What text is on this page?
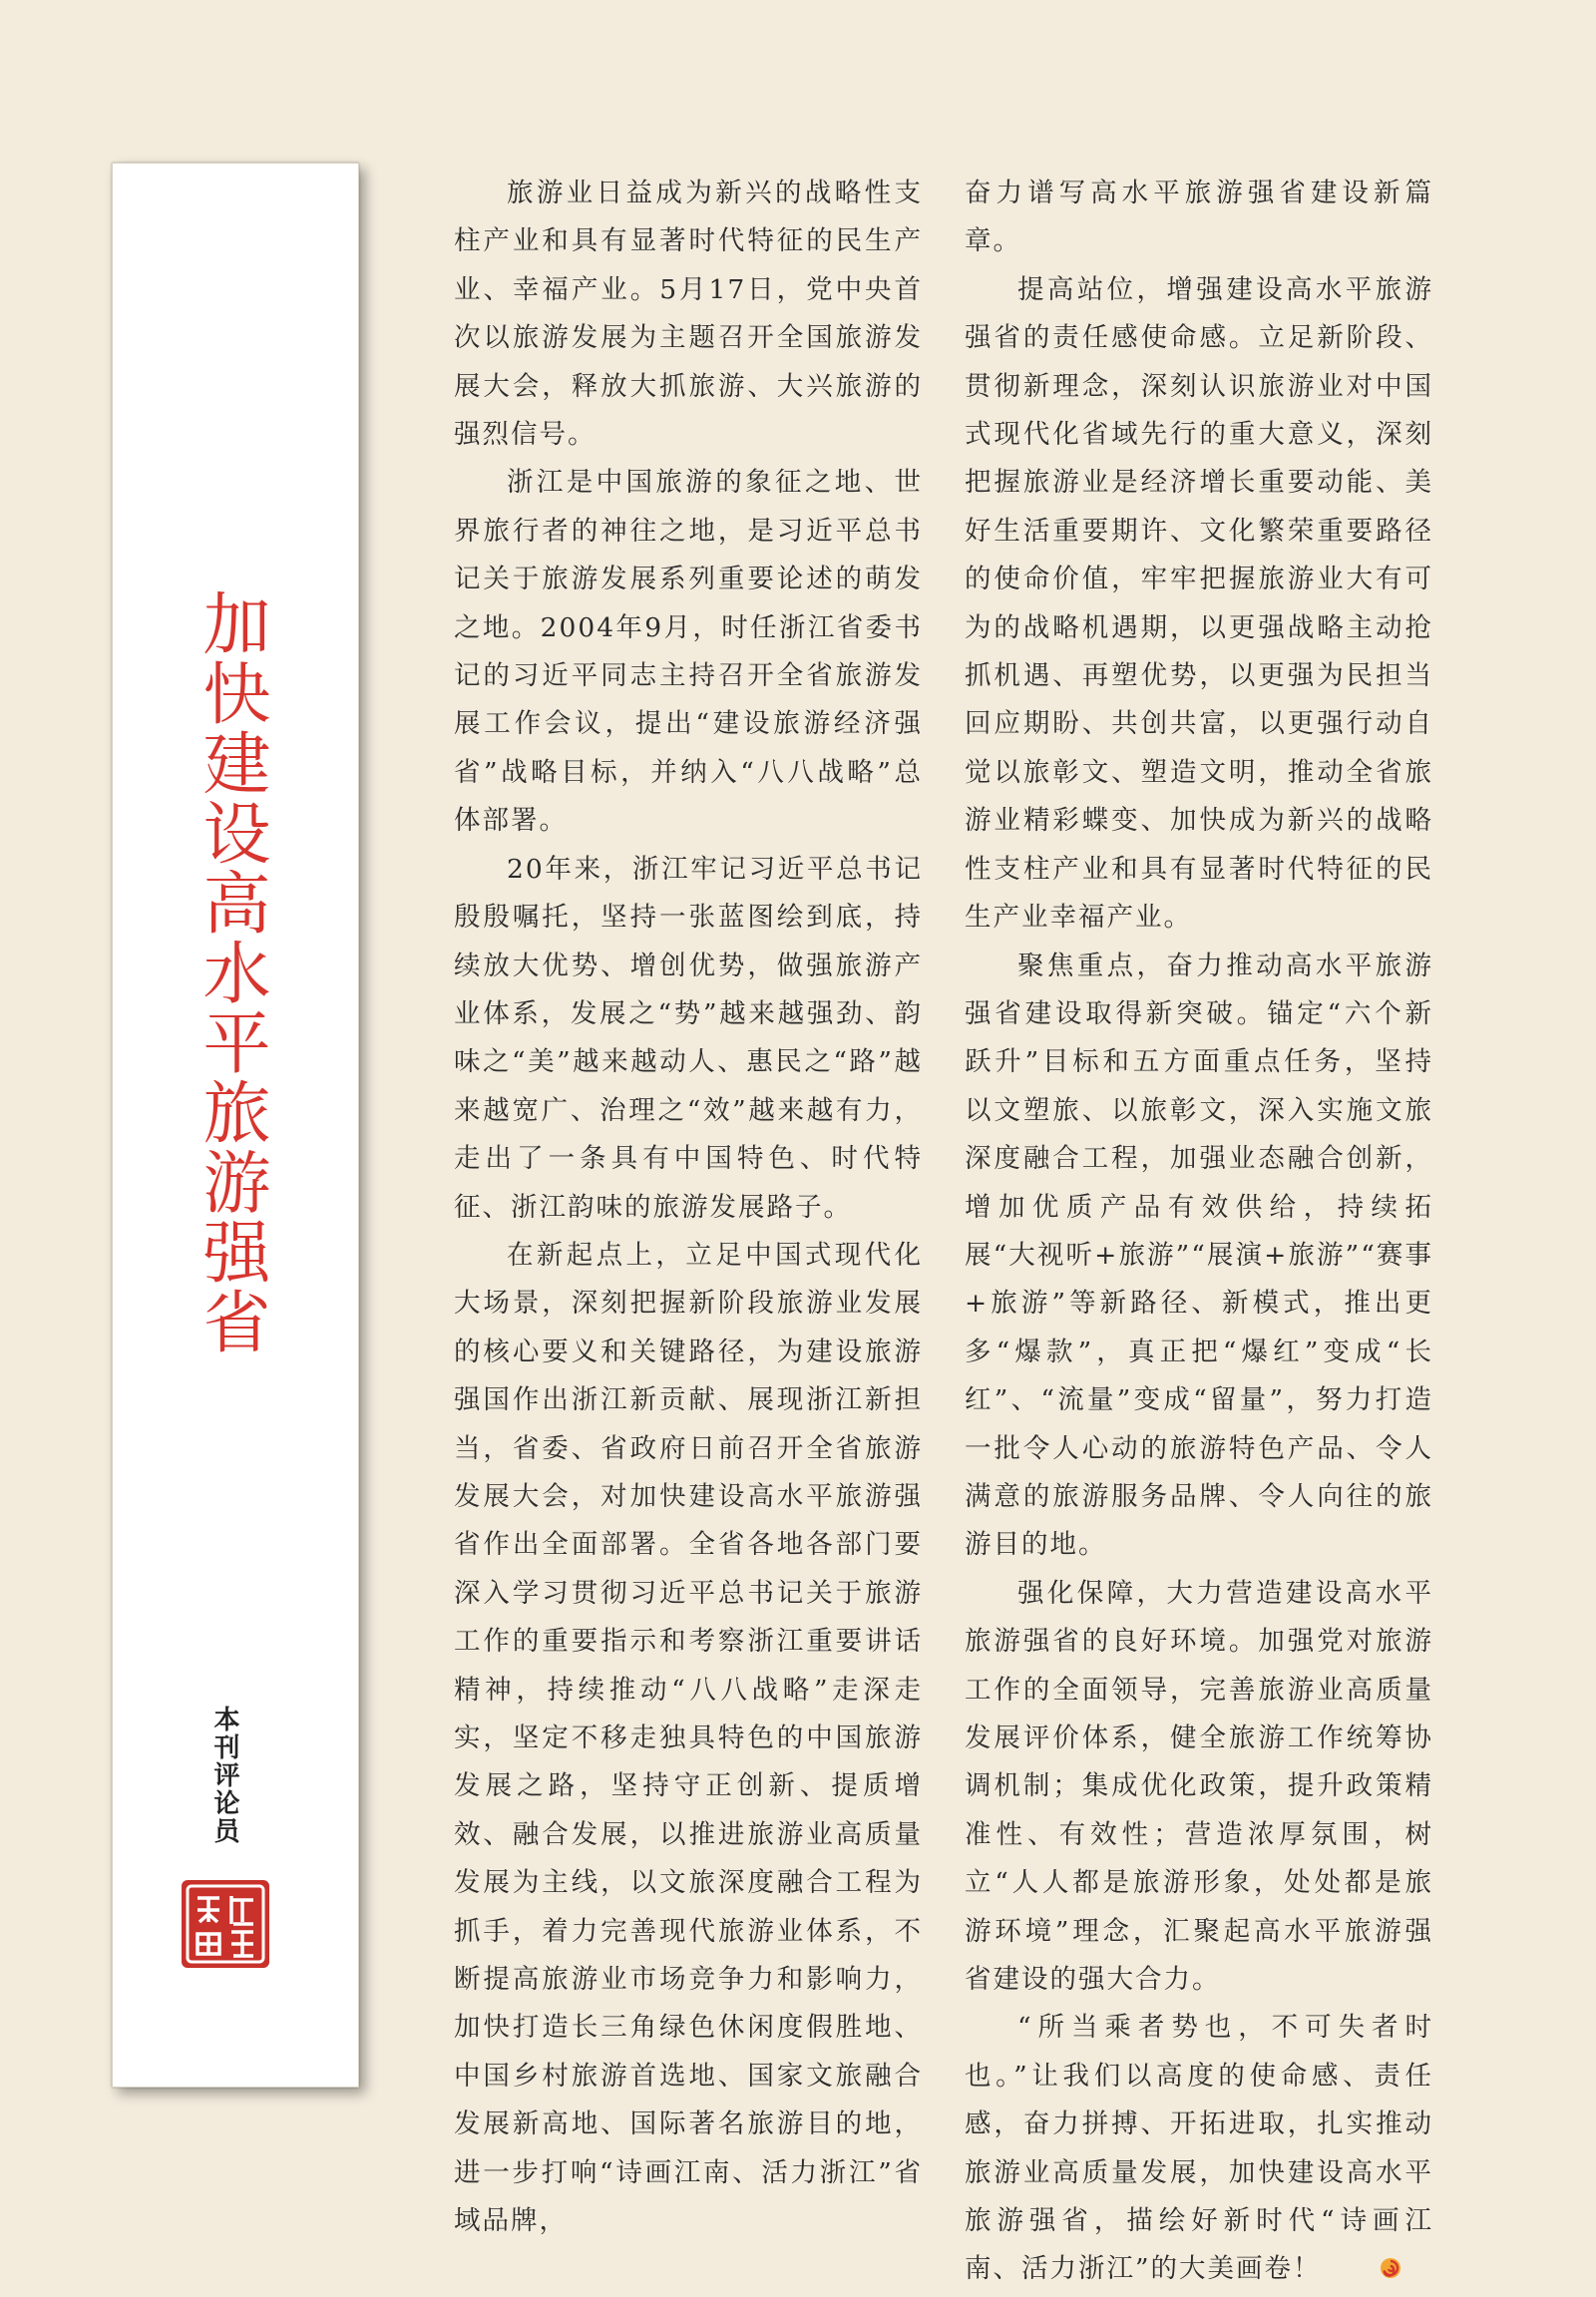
加快建设高水平旅游强省
本刊评论员

旅游业日益成为新兴的战略性支柱产业和具有显著时代特征的民生产业、幸福产业。5月17日，党中央首次以旅游发展为主题召开全国旅游发展大会，释放大抓旅游、大兴旅游的强烈信号。

浙江是中国旅游的象征之地、世界旅行者的神往之地，是习近平总书记关于旅游发展系列重要论述的萌发之地。2004年9月，时任浙江省委书记的习近平同志主持召开全省旅游发展工作会议，提出“建设旅游经济强省”战略目标，并纳入“八八战略”总体部署。

20年来，浙江牢记习近平总书记殷殷嘱托，坚持一张蓝图绘到底，持续放大优势、增创优势，做强旅游产业体系，发展之“势”越来越强劲、韵味之“美”越来越动人、惠民之“路”越来越宽广、治理之“效”越来越有力，走出了一条具有中国特色、时代特征、浙江韵味的旅游发展路子。

在新起点上，立足中国式现代化大场景，深刻把握新阶段旅游业发展的核心要义和关键路径，为建设旅游强国作出浙江新贡献、展现浙江新担当，省委、省政府日前召开全省旅游发展大会，对加快建设高水平旅游强省作出全面部署。全省各地各部门要深入学习贯彻习近平总书记关于旅游工作的重要指示和考察浙江重要讲话精神，持续推动“八八战略”走深走实，坚定不移走独具特色的中国旅游发展之路，坚持守正创新、提质增效、融合发展，以推进旅游业高质量发展为主线，以文旅深度融合工程为抓手，着力完善现代旅游业体系，不断提高旅游业市场竞争力和影响力，加快打造长三角绿色休闲度假胜地、中国乡村旅游首选地、国家文旅融合发展新高地、国际著名旅游目的地，进一步打响“诗画江南、活力浙江”省域品牌，

奋力谱写高水平旅游强省建设新篇章。

提高站位，增强建设高水平旅游强省的责任感使命感。立足新阶段、贯彻新理念，深刻认识旅游业对中国式现代化省域先行的重大意义，深刻把握旅游业是经济增长重要动能、美好生活重要期许、文化繁荣重要路径的使命价值，牢牢把握旅游业大有可为的战略机遇期，以更强战略主动抢抓机遇、再塑优势，以更强为民担当回应期盼、共创共富，以更强行动自觉以旅彰文、塑造文明，推动全省旅游业精彩蝶变、加快成为新兴的战略性支柱产业和具有显著时代特征的民生产业幸福产业。

聚焦重点，奋力推动高水平旅游强省建设取得新突破。锚定“六个新跃升”目标和五方面重点任务，坚持以文塑旅、以旅彰文，深入实施文旅深度融合工程，加强业态融合创新，增加优质产品有效供给，持续拓展“大视听+旅游”“展演+旅游”“赛事+旅游”等新路径、新模式，推出更多“爆款”，真正把“爆红”变成“长红”、“流量”变成“留量”，努力打造一批令人心动的旅游特色产品、令人满意的旅游服务品牌、令人向往的旅游目的地。

强化保障，大力营造建设高水平旅游强省的良好环境。加强党对旅游工作的全面领导，完善旅游业高质量发展评价体系，健全旅游工作统筹协调机制；集成优化政策，提升政策精准性、有效性；营造浓厚氛围，树立“人人都是旅游形象，处处都是旅游环境”理念，汇聚起高水平旅游强省建设的强大合力。

“所当乘者势也，不可失者时也。”让我们以高度的使命感、责任感，奋力拼搏、开拓进取，扎实推动旅游业高质量发展，加快建设高水平旅游强省，描绘好新时代“诗画江南、活力浙江”的大美画卷！
